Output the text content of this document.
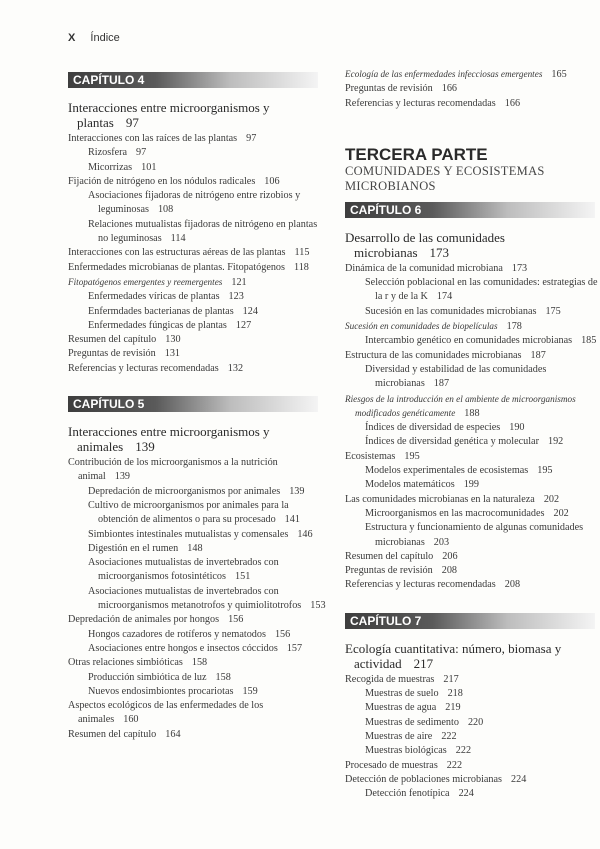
X Índice
CAPÍTULO 4
Interacciones entre microorganismos y plantas 97
Interacciones con las raíces de las plantas 97
Rizosfera 97
Micorrizas 101
Fijación de nitrógeno en los nódulos radicales 106
Asociaciones fijadoras de nitrógeno entre rizobios y leguminosas 108
Relaciones mutualistas fijadoras de nitrógeno en plantas no leguminosas 114
Interacciones con las estructuras aéreas de las plantas 115
Enfermedades microbianas de plantas. Fitopatógenos 118
Fitopatógenos emergentes y reemergentes 121
Enfermedades víricas de plantas 123
Enfermdades bacterianas de plantas 124
Enfermedades fúngicas de plantas 127
Resumen del capítulo 130
Preguntas de revisión 131
Referencias y lecturas recomendadas 132
CAPÍTULO 5
Interacciones entre microorganismos y animales 139
Contribución de los microorganismos a la nutrición animal 139
Depredación de microorganismos por animales 139
Cultivo de microorganismos por animales para la obtención de alimentos o para su procesado 141
Simbiontes intestinales mutualistas y comensales 146
Digestión en el rumen 148
Asociaciones mutualistas de invertebrados con microorganismos fotosintéticos 151
Asociaciones mutualistas de invertebrados con microorganismos metanotrofos y quimiolitotrofos 153
Depredación de animales por hongos 156
Hongos cazadores de rotíferos y nematodos 156
Asociaciones entre hongos e insectos cóccidos 157
Otras relaciones simbióticas 158
Producción simbiótica de luz 158
Nuevos endosimbiontes procariotas 159
Aspectos ecológicos de las enfermedades de los animales 160
Resumen del capítulo 164
Ecología de las enfermedades infecciosas emergentes 165
Preguntas de revisión 166
Referencias y lecturas recomendadas 166
TERCERA PARTE
COMUNIDADES Y ECOSISTEMAS MICROBIANOS
CAPÍTULO 6
Desarrollo de las comunidades microbianas 173
Dinámica de la comunidad microbiana 173
Selección poblacional en las comunidades: estrategias de la r y de la K 174
Sucesión en las comunidades microbianas 175
Sucesión en comunidades de biopelículas 178
Intercambio genético en comunidades microbianas 185
Estructura de las comunidades microbianas 187
Diversidad y estabilidad de las comunidades microbianas 187
Riesgos de la introducción en el ambiente de microorganismos modificados genéticamente 188
Índices de diversidad de especies 190
Índices de diversidad genética y molecular 192
Ecosistemas 195
Modelos experimentales de ecosistemas 195
Modelos matemáticos 199
Las comunidades microbianas en la naturaleza 202
Microorganismos en las macrocomunidades 202
Estructura y funcionamiento de algunas comunidades microbianas 203
Resumen del capítulo 206
Preguntas de revisión 208
Referencias y lecturas recomendadas 208
CAPÍTULO 7
Ecología cuantitativa: número, biomasa y actividad 217
Recogida de muestras 217
Muestras de suelo 218
Muestras de agua 219
Muestras de sedimento 220
Muestras de aire 222
Muestras biológicas 222
Procesado de muestras 222
Detección de poblaciones microbianas 224
Detección fenotípica 224
